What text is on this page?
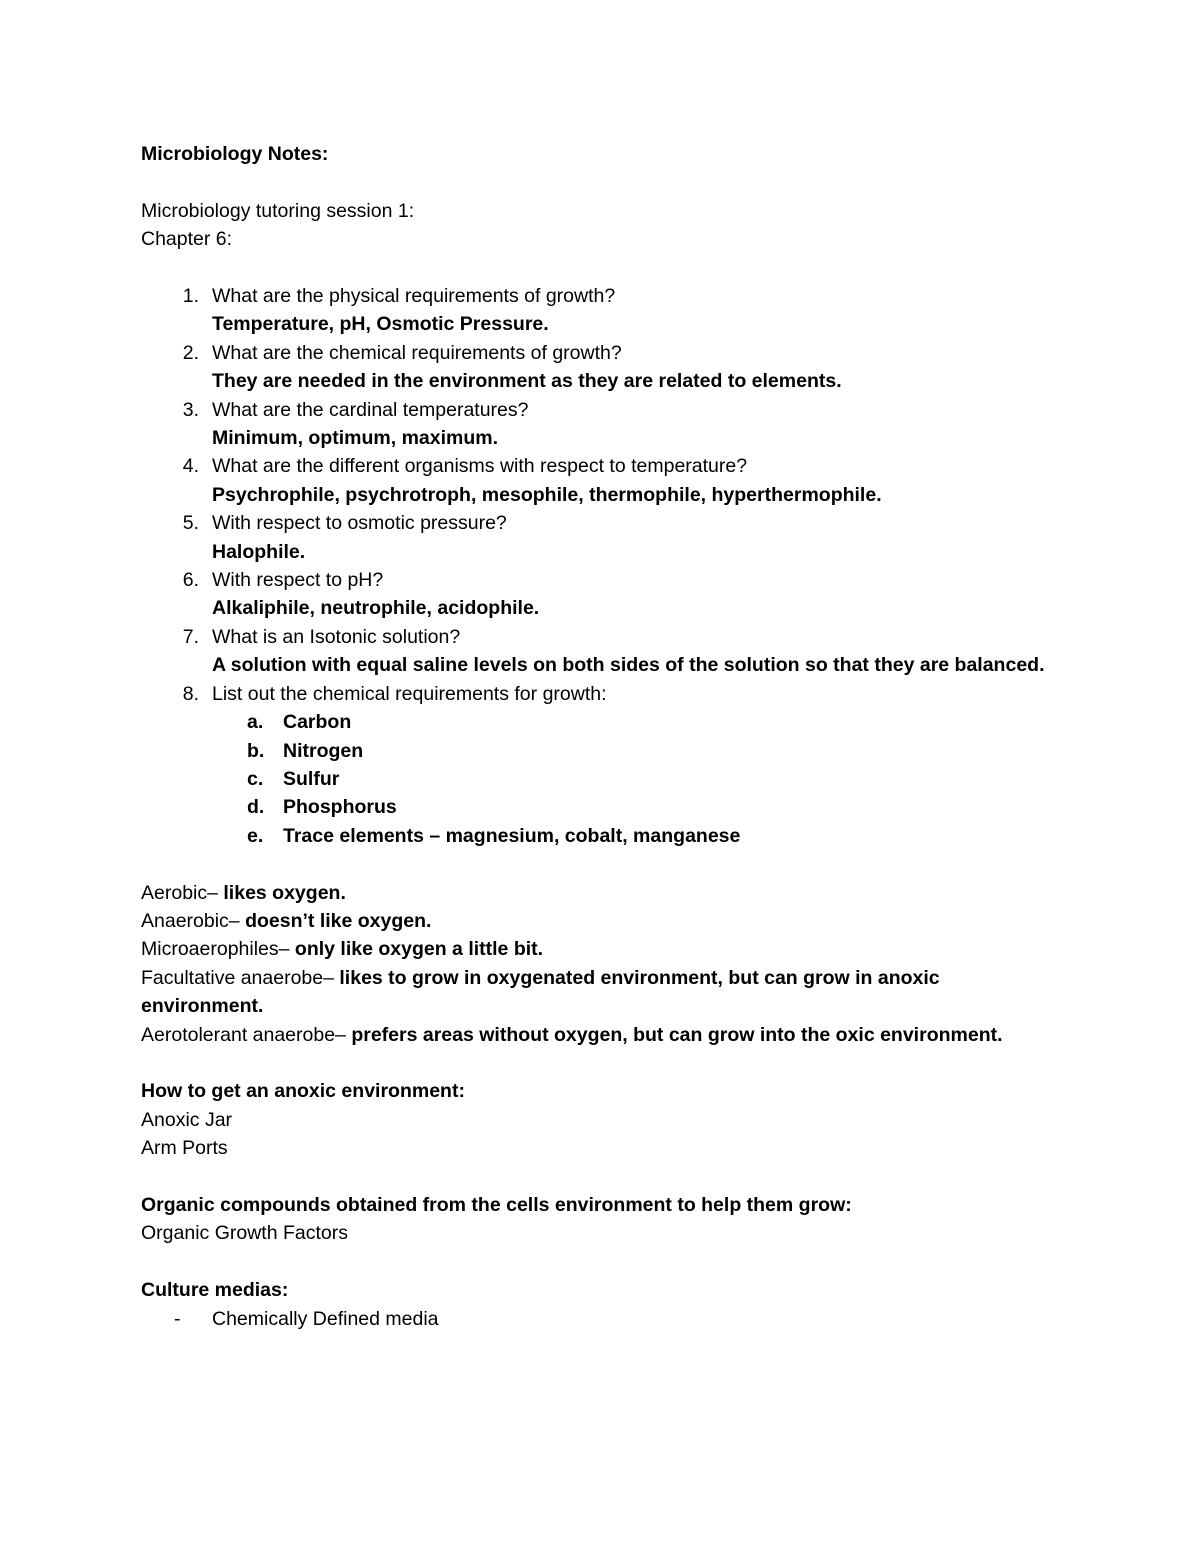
Microbiology Notes:
Microbiology tutoring session 1:
Chapter 6:
1. What are the physical requirements of growth?
Temperature, pH, Osmotic Pressure.
2. What are the chemical requirements of growth?
They are needed in the environment as they are related to elements.
3. What are the cardinal temperatures?
Minimum, optimum, maximum.
4. What are the different organisms with respect to temperature?
Psychrophile, psychrotroph, mesophile, thermophile, hyperthermophile.
5. With respect to osmotic pressure?
Halophile.
6. With respect to pH?
Alkaliphile, neutrophile, acidophile.
7. What is an Isotonic solution?
A solution with equal saline levels on both sides of the solution so that they are balanced.
8. List out the chemical requirements for growth:
a.	Carbon
b. Nitrogen
c.	Sulfur
d. Phosphorus
e.	Trace elements – magnesium, cobalt, manganese
Aerobic– likes oxygen.
Anaerobic– doesn’t like oxygen.
Microaerophiles– only like oxygen a little bit.
Facultative anaerobe– likes to grow in oxygenated environment, but can grow in anoxic environment.
Aerotolerant anaerobe– prefers areas without oxygen, but can grow into the oxic environment.
How to get an anoxic environment:
Anoxic Jar
Arm Ports
Organic compounds obtained from the cells environment to help them grow:
Organic Growth Factors
Culture medias:
- Chemically Defined media
